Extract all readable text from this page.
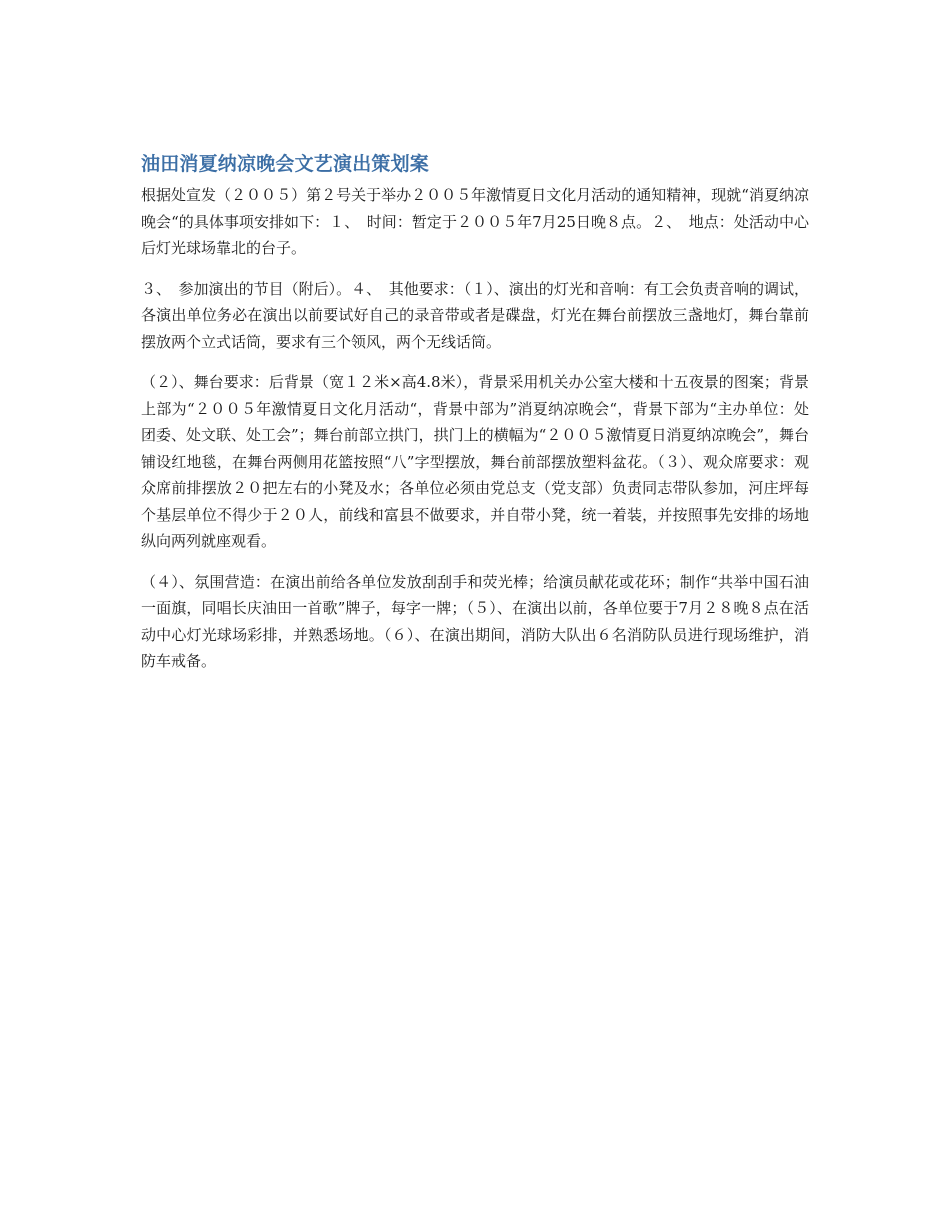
油田消夏纳凉晚会文艺演出策划案

根据处宣发（２００５）第２号关于举办２００５年激情夏日文化月活动的通知精神，现就“消夏纳凉晚会“的具体事项安排如下：１、　时间：暂定于２００５年7月25日晚８点。２、　地点：处活动中心后灯光球场靠北的台子。

３、　参加演出的节目（附后）。４、　其他要求：（１）、演出的灯光和音响：有工会负责音响的调试，各演出单位务必在演出以前要试好自己的录音带或者是碟盘，灯光在舞台前摆放三盏地灯，舞台靠前摆放两个立式话筒，要求有三个领风，两个无线话筒。

（２）、舞台要求：后背景（宽１２米×高4.8米），背景采用机关办公室大楼和十五夜景的图案；背景上部为“２００５年激情夏日文化月活动“，背景中部为”消夏纳凉晚会“，背景下部为“主办单位：处团委、处文联、处工会”；舞台前部立拱门，拱门上的横幅为“２００５激情夏日消夏纳凉晚会”，舞台铺设红地毯，在舞台两侧用花篮按照“八”字型摆放，舞台前部摆放塑料盆花。（３）、观众席要求：观众席前排摆放２０把左右的小凳及水；各单位必须由党总支（党支部）负责同志带队参加，河庄坪每个基层单位不得少于２０人，前线和富县不做要求，并自带小凳，统一着装，并按照事先安排的场地纵向两列就座观看。

（４）、氛围营造：在演出前给各单位发放刮刮手和荧光棒；给演员献花或花环；制作“共举中国石油一面旗，同唱长庆油田一首歌”牌子，每字一牌；（５）、在演出以前，各单位要于7月２８晚８点在活动中心灯光球场彩排，并熟悉场地。（６）、在演出期间，消防大队出６名消防队员进行现场维护，消防车戒备。
